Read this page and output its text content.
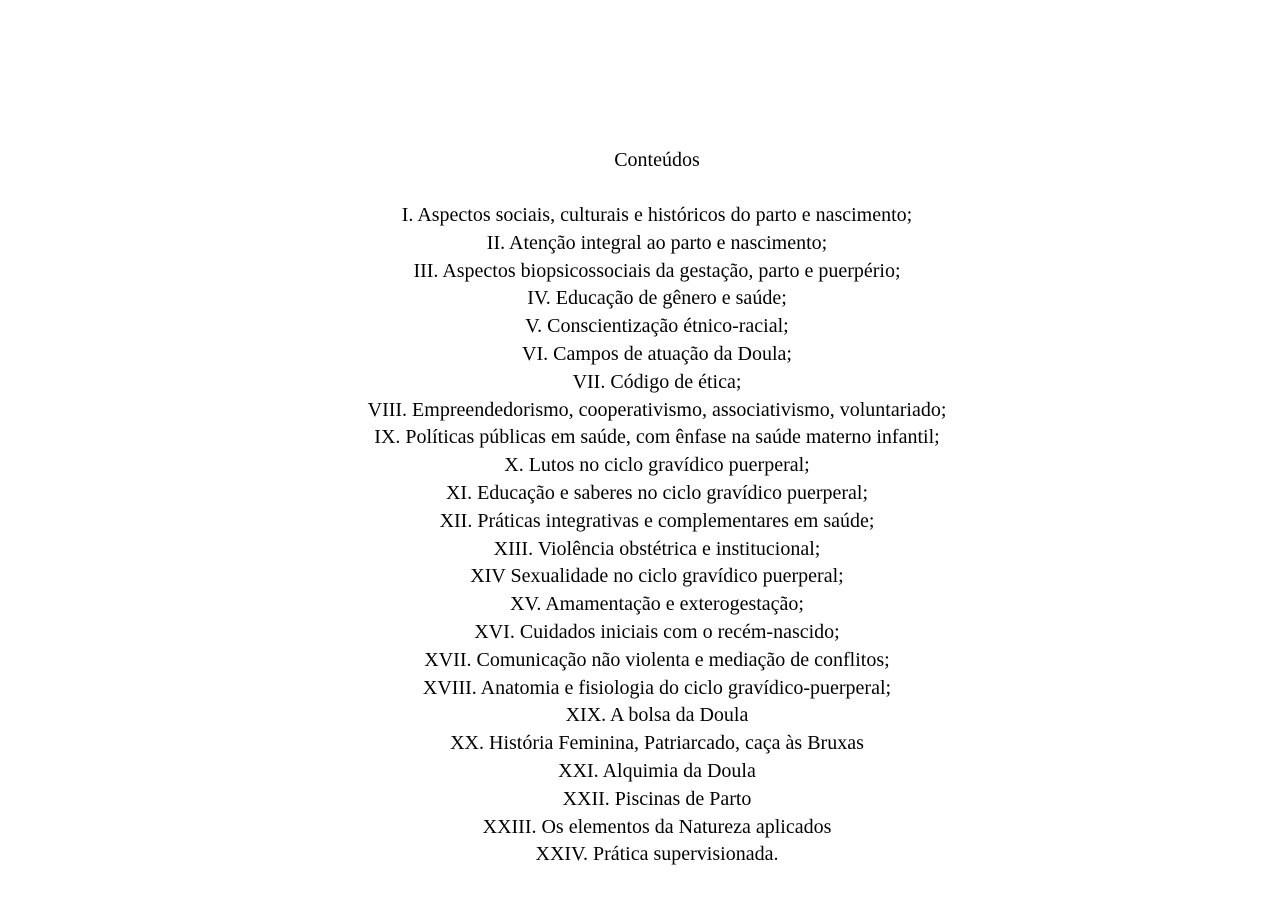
Conteúdos
I. Aspectos sociais, culturais e históricos do parto e nascimento;
II. Atenção integral ao parto e nascimento;
III. Aspectos biopsicossociais da gestação, parto e puerpério;
IV. Educação de gênero e saúde;
V. Conscientização étnico-racial;
VI. Campos de atuação da Doula;
VII. Código de ética;
VIII. Empreendedorismo, cooperativismo, associativismo, voluntariado;
IX. Políticas públicas em saúde, com ênfase na saúde materno infantil;
X. Lutos no ciclo gravídico puerperal;
XI. Educação e saberes no ciclo gravídico puerperal;
XII. Práticas integrativas e complementares em saúde;
XIII. Violência obstétrica e institucional;
XIV Sexualidade no ciclo gravídico puerperal;
XV. Amamentação e exterogestação;
XVI. Cuidados iniciais com o recém-nascido;
XVII. Comunicação não violenta e mediação de conflitos;
XVIII. Anatomia e fisiologia do ciclo gravídico-puerperal;
XIX. A bolsa da Doula
XX. História Feminina, Patriarcado, caça às Bruxas
XXI. Alquimia da Doula
XXII. Piscinas de Parto
XXIII. Os elementos da Natureza aplicados
XXIV. Prática supervisionada.
